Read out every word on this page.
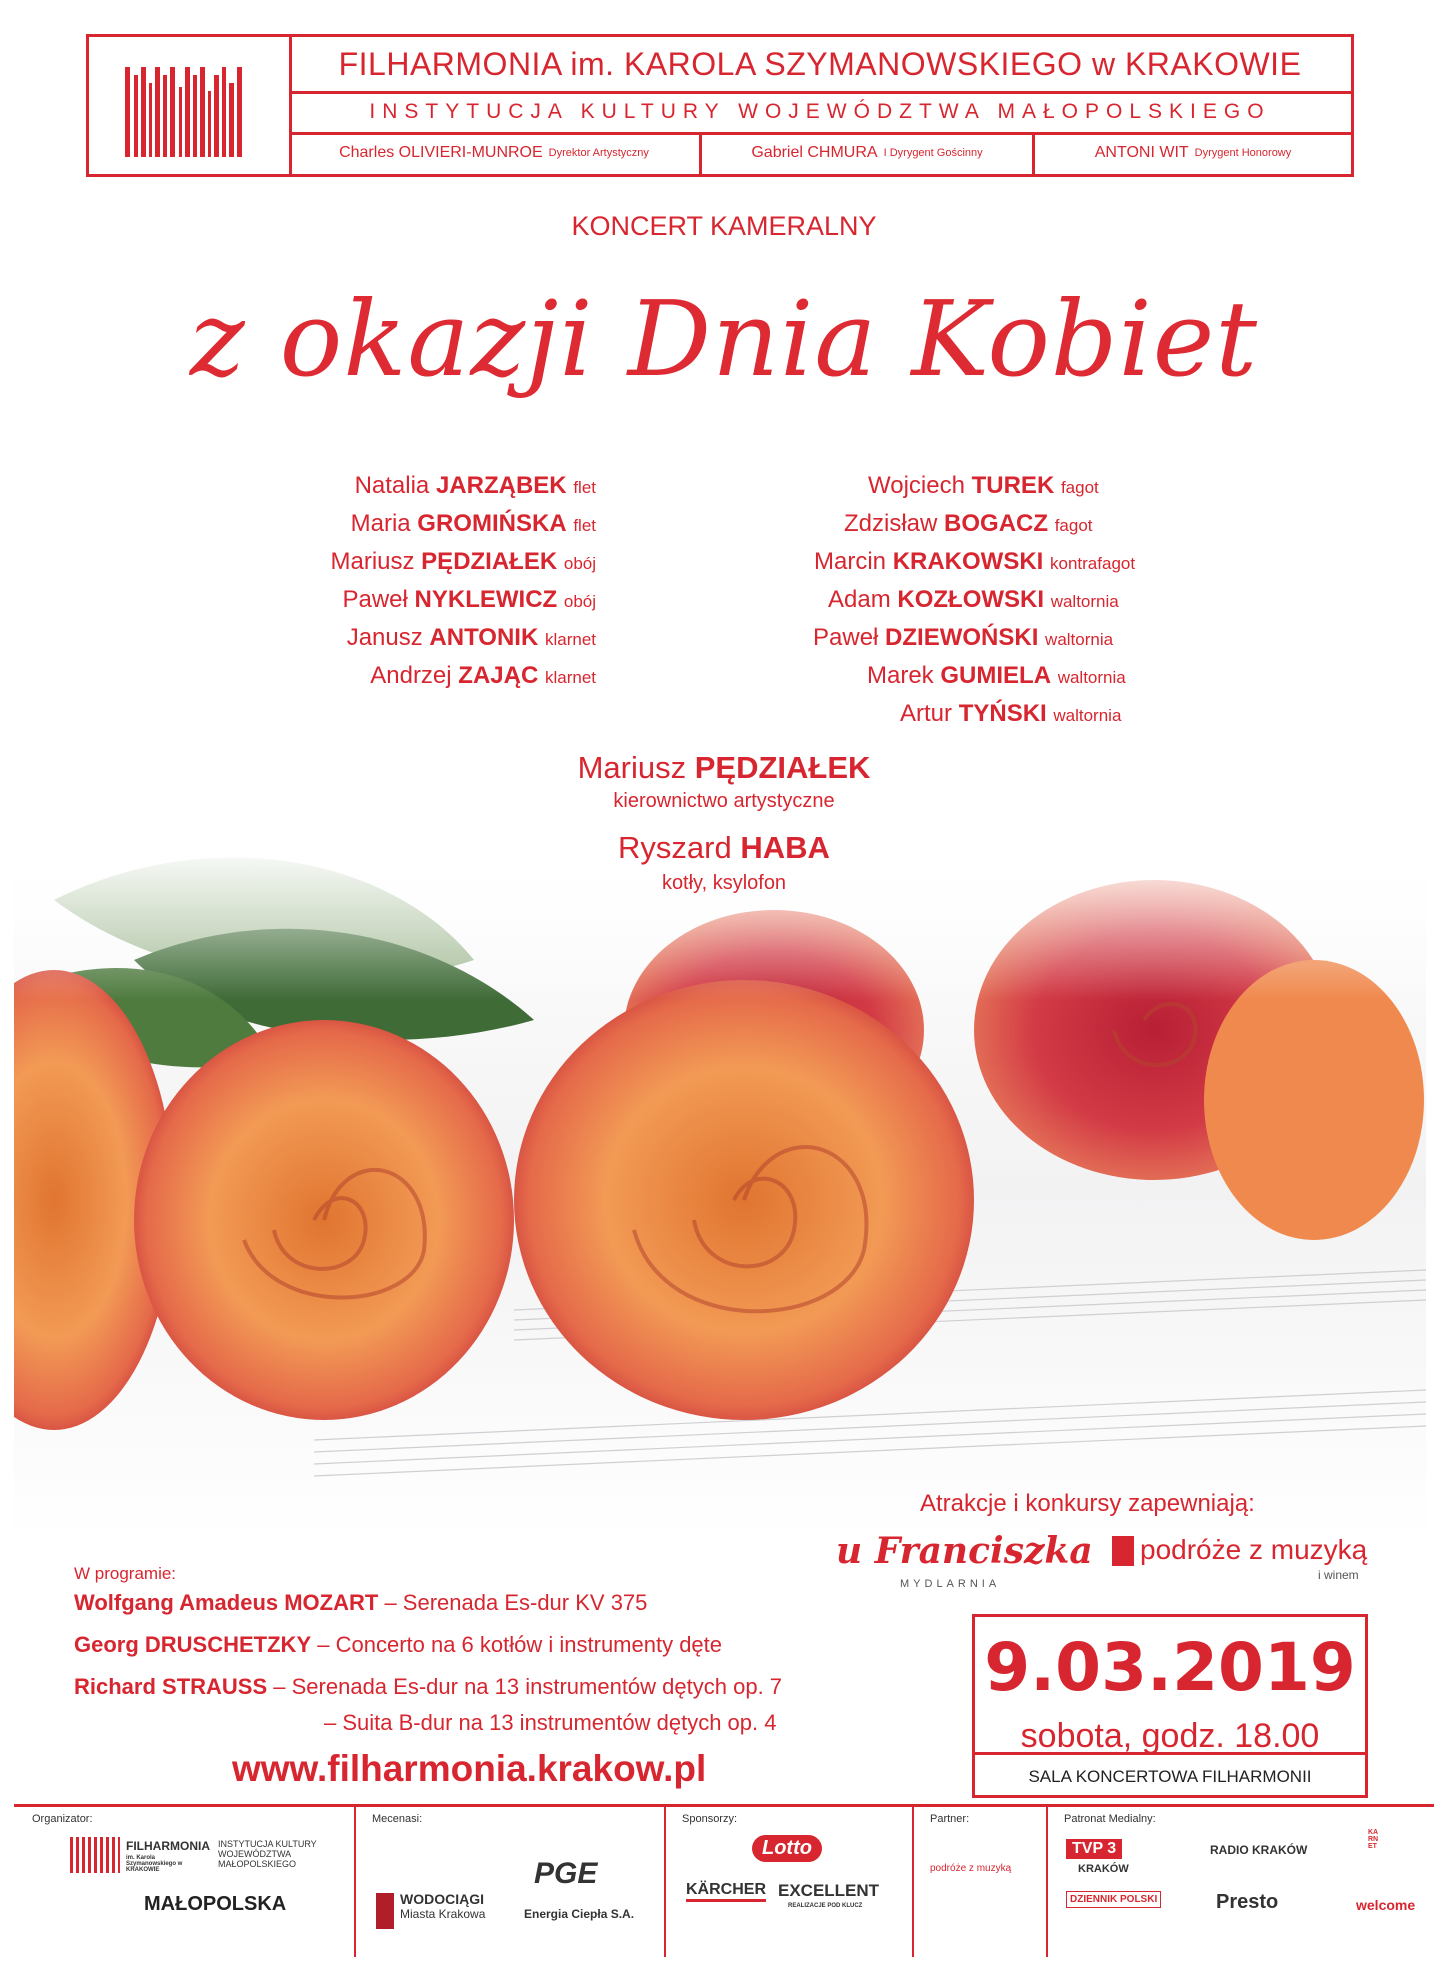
FILHARMONIA im. KAROLA SZYMANOWSKIEGO w KRAKOWIE
INSTYTUCJA KULTURY WOJEWÓDZTWA MAŁOPOLSKIEGO
Charles OLIVIERI-MUNROE Dyrektor Artystyczny	Gabriel CHMURA I Dyrygent Gościnny	ANTONI WIT Dyrygent Honorowy
KONCERT KAMERALNY
z okazji Dnia Kobiet
Natalia JARZĄBEK flet
Maria GROMIŃSKA flet
Mariusz PĘDZIAŁEK obój
Paweł NYKLEWICZ obój
Janusz ANTONIK klarnet
Andrzej ZAJĄC klarnet
Wojciech TUREK fagot
Zdzisław BOGACZ fagot
Marcin KRAKOWSKI kontrafagot
Adam KOZŁOWSKI waltornia
Paweł DZIEWOŃSKI waltornia
Marek GUMIELA waltornia
Artur TYŃSKI waltornia
Mariusz PĘDZIAŁEK
kierownictwo artystyczne
Ryszard HABA
kotły, ksylofon
Atrakcje i konkursy zapewniają:
u Franciszka
MYDLARNIA
podróże z muzyką
i winem
W programie:
Wolfgang Amadeus MOZART – Serenada Es-dur KV 375
Georg DRUSCHETZKY – Concerto na 6 kotłów i instrumenty dęte
Richard STRAUSS – Serenada Es-dur na 13 instrumentów dętych op. 7
– Suita B-dur na 13 instrumentów dętych op. 4
www.filharmonia.krakow.pl
9.03.2019
sobota, godz. 18.00
SALA KONCERTOWA FILHARMONII
Organizator:
FILHARMONIA
im. Karola Szymanowskiego w KRAKOWIE
INSTYTUCJA KULTURY WOJEWÓDZTWA MAŁOPOLSKIEGO
MAŁOPOLSKA
Mecenasi:
WODOCIĄGI
Miasta Krakowa
PGE
Energia Ciepła S.A.
Sponsorzy:
Lotto
KÄRCHER EXCELLENT
REALIZACJE POD KLUCZ
Partner:
podróże z muzyką
Patronat Medialny:
TVP 3
KRAKÓW
DZIENNIK POLSKI
RADIO KRAKÓW
Presto
KARNET
welcome
